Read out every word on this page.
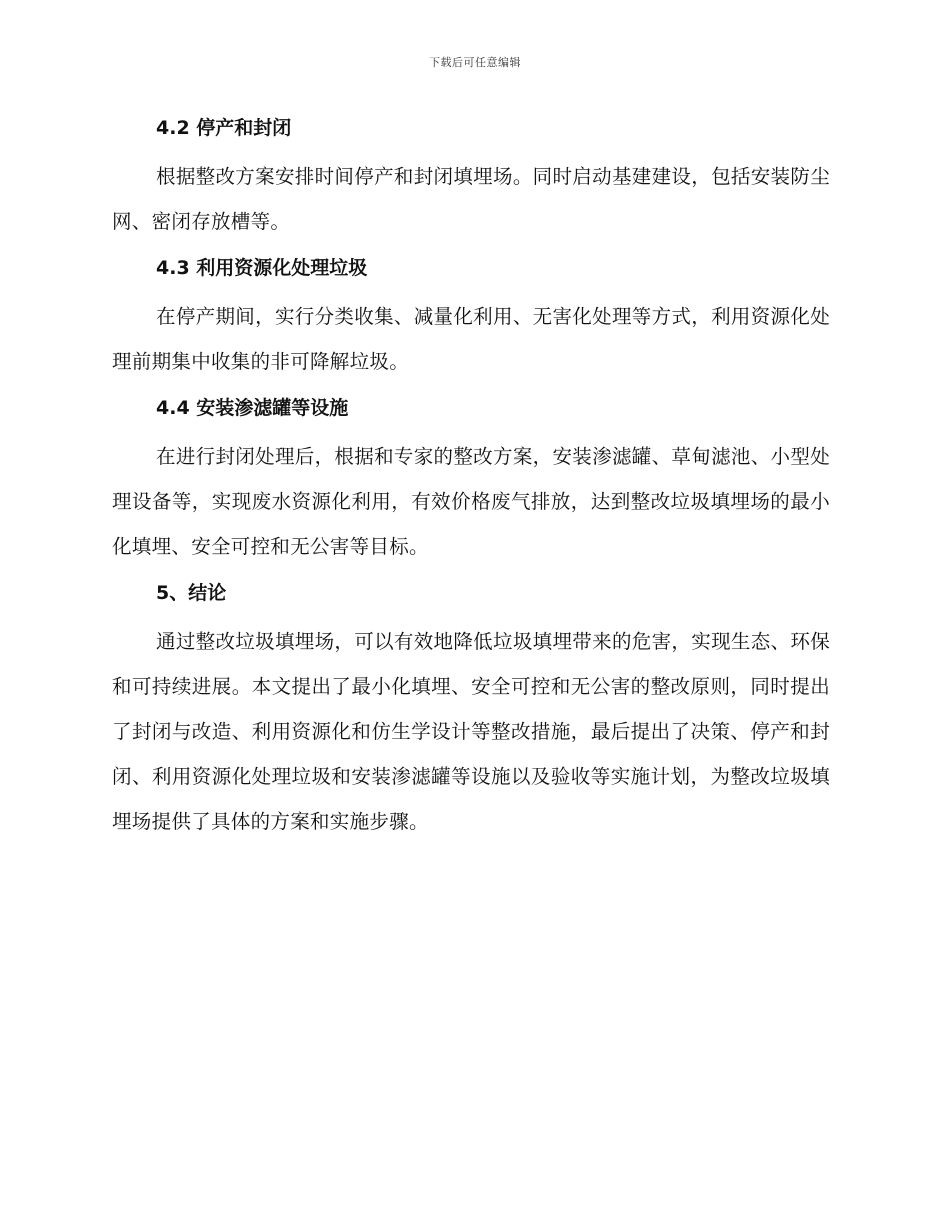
下载后可任意编辑
4.2 停产和封闭

根据整改方案安排时间停产和封闭填埋场。同时启动基建建设，包括安装防尘网、密闭存放槽等。

4.3 利用资源化处理垃圾

在停产期间，实行分类收集、减量化利用、无害化处理等方式，利用资源化处理前期集中收集的非可降解垃圾。

4.4 安装渗滤罐等设施

在进行封闭处理后，根据和专家的整改方案，安装渗滤罐、草甸滤池、小型处理设备等，实现废水资源化利用，有效价格废气排放，达到整改垃圾填埋场的最小化填埋、安全可控和无公害等目标。

5、结论

通过整改垃圾填埋场，可以有效地降低垃圾填埋带来的危害，实现生态、环保和可持续进展。本文提出了最小化填埋、安全可控和无公害的整改原则，同时提出了封闭与改造、利用资源化和仿生学设计等整改措施，最后提出了决策、停产和封闭、利用资源化处理垃圾和安装渗滤罐等设施以及验收等实施计划，为整改垃圾填埋场提供了具体的方案和实施步骤。
